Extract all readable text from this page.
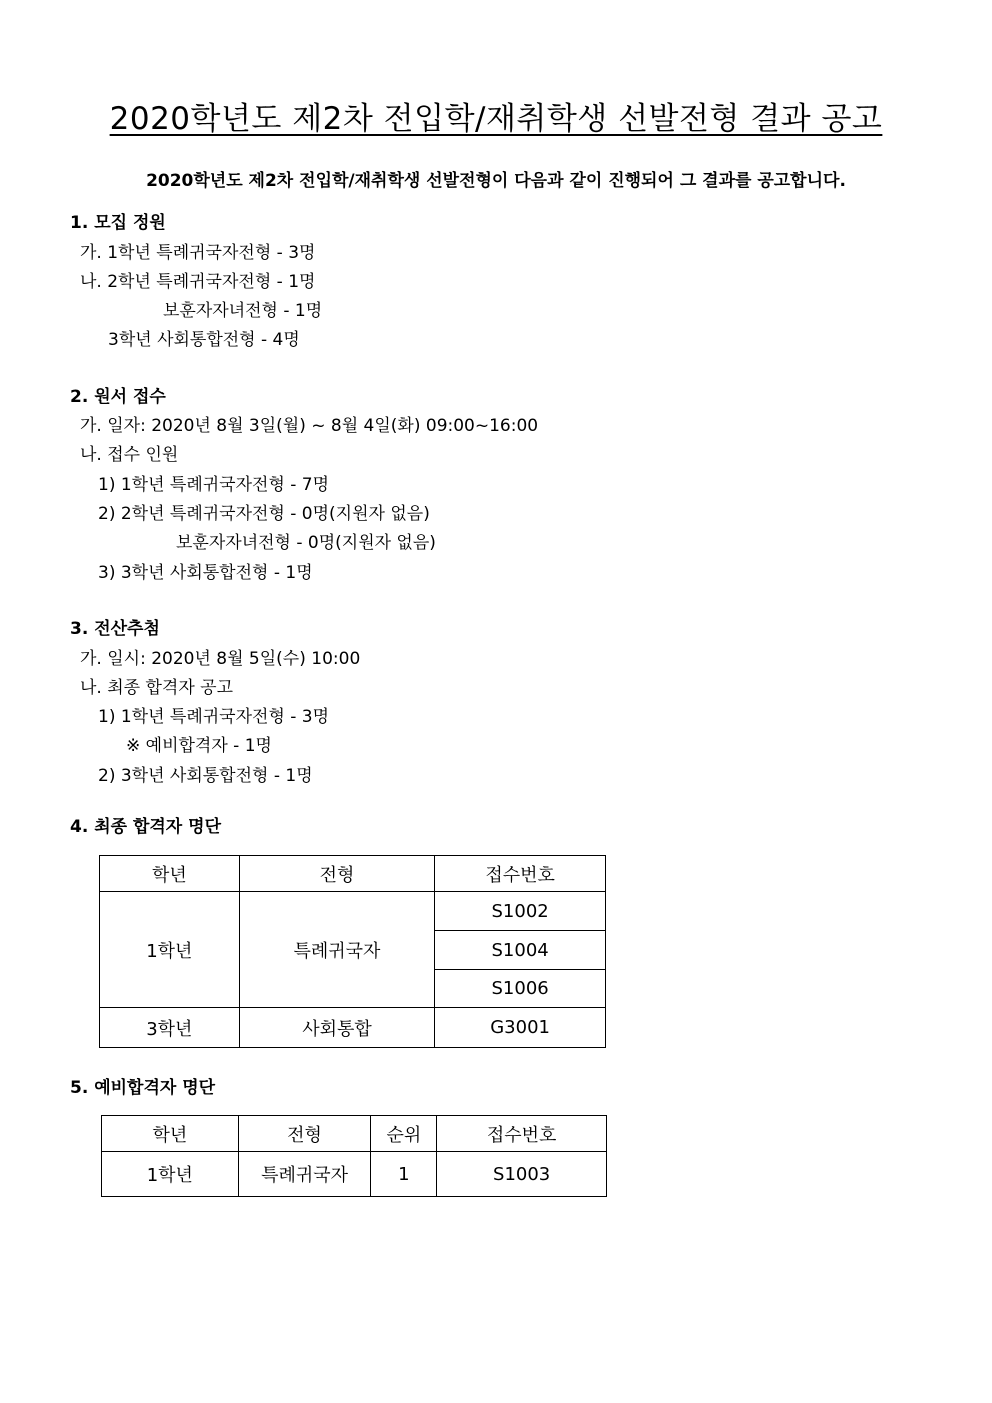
2020학년도 제2차 전입학/재취학생 선발전형 결과 공고
2020학년도 제2차 전입학/재취학생 선발전형이 다음과 같이 진행되어 그 결과를 공고합니다.
1. 모집 정원
가. 1학년 특례귀국자전형 - 3명
나. 2학년 특례귀국자전형 - 1명
보훈자자녀전형 - 1명
3학년 사회통합전형 - 4명
2. 원서 접수
가. 일자: 2020년 8월 3일(월) ~ 8월 4일(화) 09:00~16:00
나. 접수 인원
1) 1학년 특례귀국자전형 - 7명
2) 2학년 특례귀국자전형 - 0명(지원자 없음)
보훈자자녀전형 - 0명(지원자 없음)
3) 3학년 사회통합전형 - 1명
3. 전산추첨
가. 일시: 2020년 8월 5일(수) 10:00
나. 최종 합격자 공고
1) 1학년 특례귀국자전형 - 3명
※ 예비합격자 - 1명
2) 3학년 사회통합전형 - 1명
4. 최종 합격자 명단
학년	전형	접수번호
1학년	특례귀국자	S1002
		S1004
		S1006
3학년	사회통합	G3001
5. 예비합격자 명단
학년	전형	순위	접수번호
1학년	특례귀국자	1	S1003
